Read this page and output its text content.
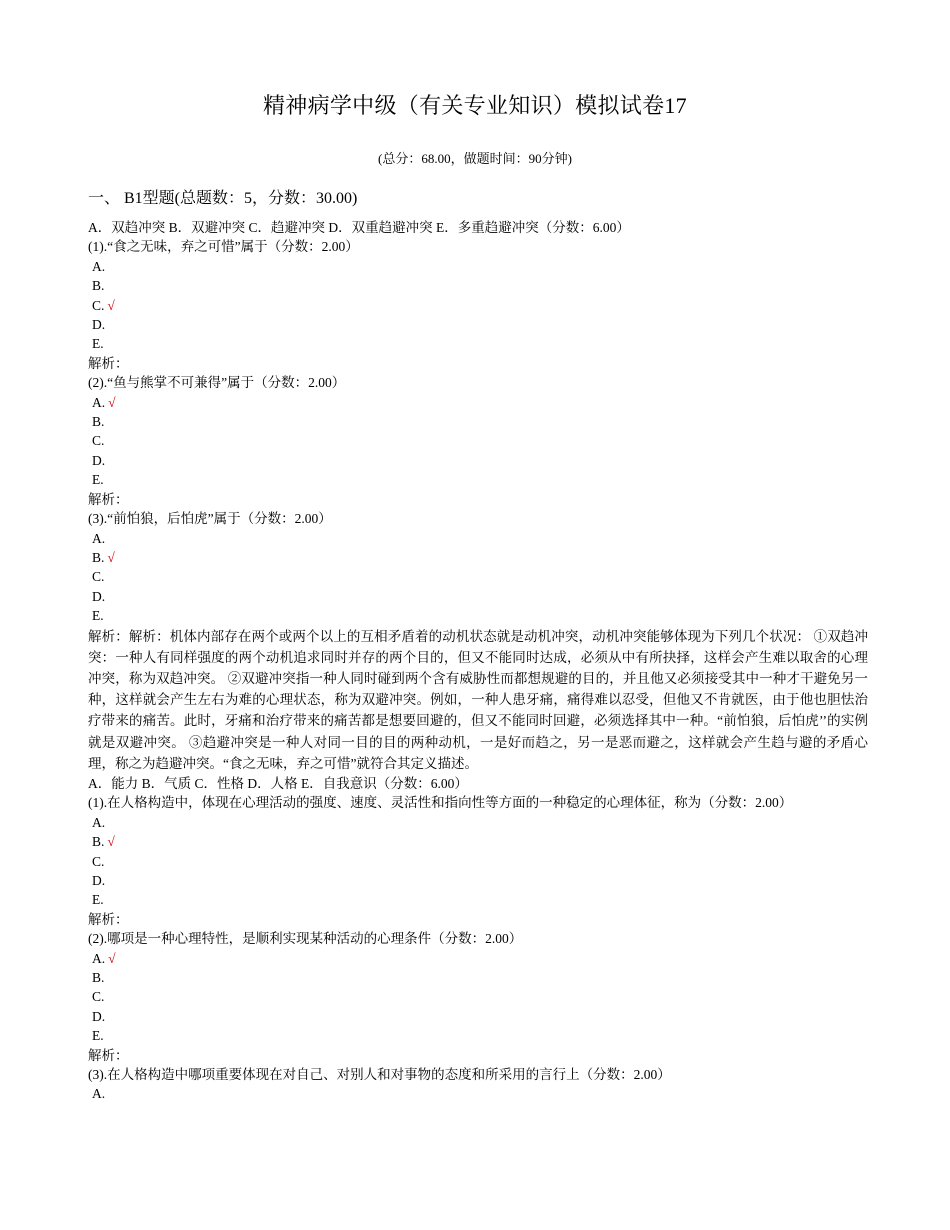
精神病学中级（有关专业知识）模拟试卷17
(总分：68.00，做题时间：90分钟)
一、 B1型题(总题数：5，分数：30.00)
A．双趋冲突 B．双避冲突 C．趋避冲突 D．双重趋避冲突 E．多重趋避冲突（分数：6.00）
(1).“食之无味，弃之可惜”属于（分数：2.00）
A.
B.
C. √
D.
E.
解析：
(2).“鱼与熊掌不可兼得”属于（分数：2.00）
A. √
B.
C.
D.
E.
解析：
(3).“前怕狼，后怕虎”属于（分数：2.00）
A.
B. √
C.
D.
E.
解析：解析：机体内部存在两个或两个以上的互相矛盾着的动机状态就是动机冲突，动机冲突能够体现为下列几个状况： ①双趋冲突：一种人有同样强度的两个动机追求同时并存的两个目的，但又不能同时达成，必须从中有所抉择，这样会产生难以取舍的心理冲突，称为双趋冲突。 ②双避冲突指一种人同时碰到两个含有威胁性而都想规避的目的，并且他又必须接受其中一种才干避免另一种，这样就会产生左右为难的心理状态，称为双避冲突。例如，一种人患牙痛，痛得难以忍受，但他又不肯就医，由于他也胆怯治疗带来的痛苦。此时，牙痛和治疗带来的痛苦都是想要回避的，但又不能同时回避，必须选择其中一种。“前怕狼，后怕虎’’的实例就是双避冲突。 ③趋避冲突是一种人对同一目的目的两种动机，一是好而趋之，另一是恶而避之，这样就会产生趋与避的矛盾心理，称之为趋避冲突。“食之无味，弃之可惜”就符合其定义描述。
A．能力 B．气质 C．性格 D．人格 E．自我意识（分数：6.00）
(1).在人格构造中，体现在心理活动的强度、速度、灵活性和指向性等方面的一种稳定的心理体征，称为（分数：2.00）
A.
B. √
C.
D.
E.
解析：
(2).哪项是一种心理特性，是顺利实现某种活动的心理条件（分数：2.00）
A. √
B.
C.
D.
E.
解析：
(3).在人格构造中哪项重要体现在对自己、对别人和对事物的态度和所采用的言行上（分数：2.00）
A.
